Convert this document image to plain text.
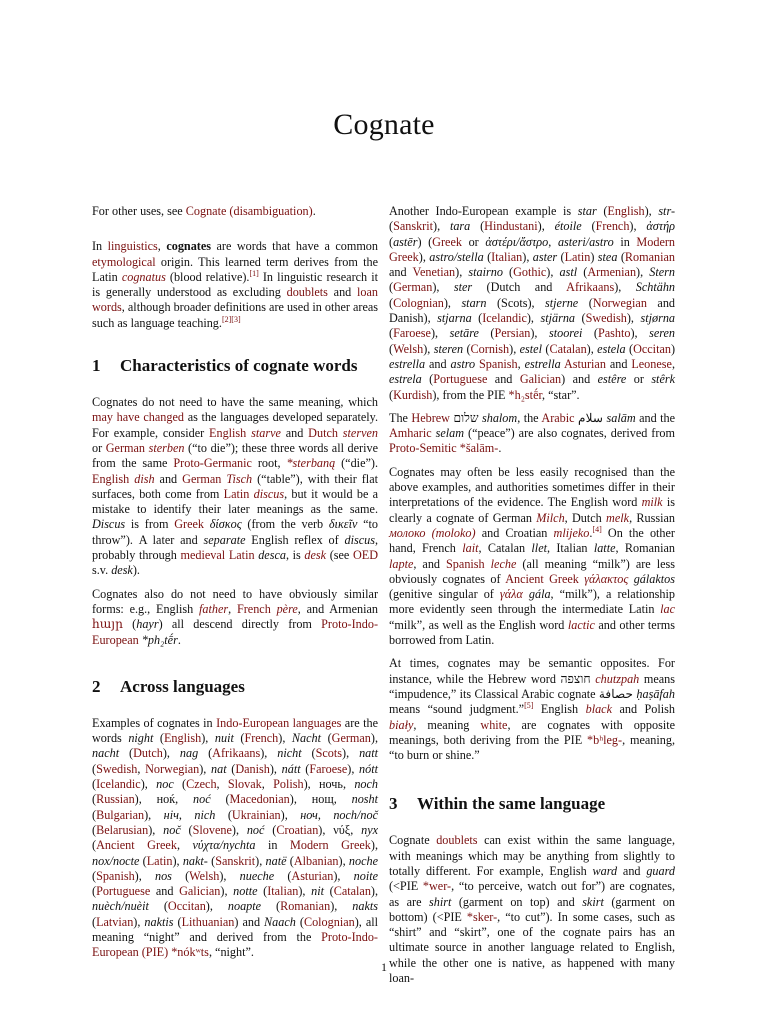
Cognate

For other uses, see Cognate (disambiguation).

In linguistics, cognates are words that have a common etymological origin. This learned term derives from the Latin cognatus (blood relative).[1] In linguistic research it is generally understood as excluding doublets and loan words, although broader definitions are used in other areas such as language teaching.[2][3]

1 Characteristics of cognate words

Cognates do not need to have the same meaning, which may have changed as the languages developed separately. For example, consider English starve and Dutch sterven or German sterben (“to die”); these three words all derive from the same Proto-Germanic root, *sterbaną (“die”). English dish and German Tisch (“table”), with their flat surfaces, both come from Latin discus, but it would be a mistake to identify their later meanings as the same. Discus is from Greek δίσκος (from the verb δικεῖν “to throw”). A later and separate English reflex of discus, probably through medieval Latin desca, is desk (see OED s.v. desk).

Cognates also do not need to have obviously similar forms: e.g., English father, French père, and Armenian հայր (hayr) all descend directly from Proto-Indo-European *ph₂tḗr.

2 Across languages

Examples of cognates in Indo-European languages are the words night (English), nuit (French), Nacht (German), nacht (Dutch), nag (Afrikaans), nicht (Scots), natt (Swedish, Norwegian), nat (Danish), nátt (Faroese), nótt (Icelandic), noc (Czech, Slovak, Polish), ночь, noch (Russian), ноќ, noć (Macedonian), нощ, nosht (Bulgarian), ніч, nich (Ukrainian), ноч, noch/noč (Belarusian), noč (Slovene), noć (Croatian), νύξ, nyx (Ancient Greek, νύχτα/nychta in Modern Greek), nox/nocte (Latin), nakt- (Sanskrit), natë (Albanian), noche (Spanish), nos (Welsh), nueche (Asturian), noite (Portuguese and Galician), notte (Italian), nit (Catalan), nuèch/nuèit (Occitan), noapte (Romanian), nakts (Latvian), naktis (Lithuanian) and Naach (Colognian), all meaning “night” and derived from the Proto-Indo-European (PIE) *nókʷts, “night”.

Another Indo-European example is star (English), str- (Sanskrit), tara (Hindustani), étoile (French), ἀστήρ (astēr) (Greek or ἀστέρι/ἄστρο, asteri/astro in Modern Greek), astro/stella (Italian), aster (Latin) stea (Romanian and Venetian), stairno (Gothic), astl (Armenian), Stern (German), ster (Dutch and Afrikaans), Schtähn (Colognian), starn (Scots), stjerne (Norwegian and Danish), stjarna (Icelandic), stjärna (Swedish), stjørna (Faroese), setāre (Persian), stoorei (Pashto), seren (Welsh), steren (Cornish), estel (Catalan), estela (Occitan) estrella and astro Spanish, estrella Asturian and Leonese, estrela (Portuguese and Galician) and estêre or stêrk (Kurdish), from the PIE *h₂stḗr, “star”.

The Hebrew שלום shalom, the Arabic سلام salām and the Amharic selam (“peace”) are also cognates, derived from Proto-Semitic *šalām-.

Cognates may often be less easily recognised than the above examples, and authorities sometimes differ in their interpretations of the evidence. The English word milk is clearly a cognate of German Milch, Dutch melk, Russian молоко (moloko) and Croatian mlijeko.[4] On the other hand, French lait, Catalan llet, Italian latte, Romanian lapte, and Spanish leche (all meaning “milk”) are less obviously cognates of Ancient Greek γάλακτος gálaktos (genitive singular of γάλα gála, “milk”), a relationship more evidently seen through the intermediate Latin lac “milk”, as well as the English word lactic and other terms borrowed from Latin.

At times, cognates may be semantic opposites. For instance, while the Hebrew word חוצפה chutzpah means “impudence,” its Classical Arabic cognate حصافة ḥaṣāfah means “sound judgment.”[5] English black and Polish biały, meaning white, are cognates with opposite meanings, both deriving from the PIE *bʰleg-, meaning, “to burn or shine.”

3 Within the same language

Cognate doublets can exist within the same language, with meanings which may be anything from slightly to totally different. For example, English ward and guard (<PIE *wer-, “to perceive, watch out for”) are cognates, as are shirt (garment on top) and skirt (garment on bottom) (<PIE *sker-, “to cut”). In some cases, such as “shirt” and “skirt”, one of the cognate pairs has an ultimate source in another language related to English, while the other one is native, as happened with many loan-

1
